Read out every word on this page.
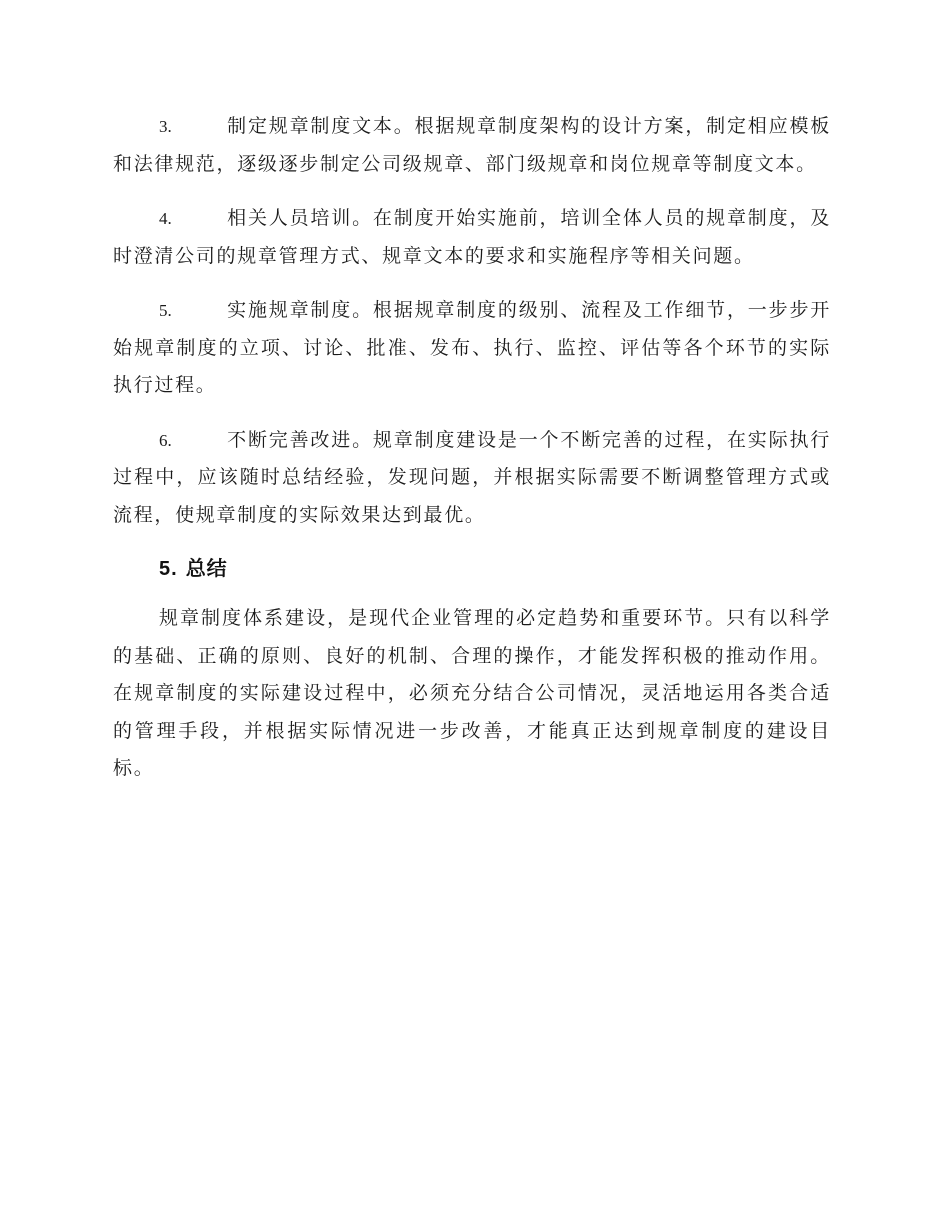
3.	制定规章制度文本。根据规章制度架构的设计方案，制定相应模板和法律规范，逐级逐步制定公司级规章、部门级规章和岗位规章等制度文本。

4.	相关人员培训。在制度开始实施前，培训全体人员的规章制度，及时澄清公司的规章管理方式、规章文本的要求和实施程序等相关问题。

5.	实施规章制度。根据规章制度的级别、流程及工作细节，一步步开始规章制度的立项、讨论、批准、发布、执行、监控、评估等各个环节的实际执行过程。

6.	不断完善改进。规章制度建设是一个不断完善的过程，在实际执行过程中，应该随时总结经验，发现问题，并根据实际需要不断调整管理方式或流程，使规章制度的实际效果达到最优。

5. 总结

规章制度体系建设，是现代企业管理的必定趋势和重要环节。只有以科学的基础、正确的原则、良好的机制、合理的操作，才能发挥积极的推动作用。在规章制度的实际建设过程中，必须充分结合公司情况，灵活地运用各类合适的管理手段，并根据实际情况进一步改善，才能真正达到规章制度的建设目标。
